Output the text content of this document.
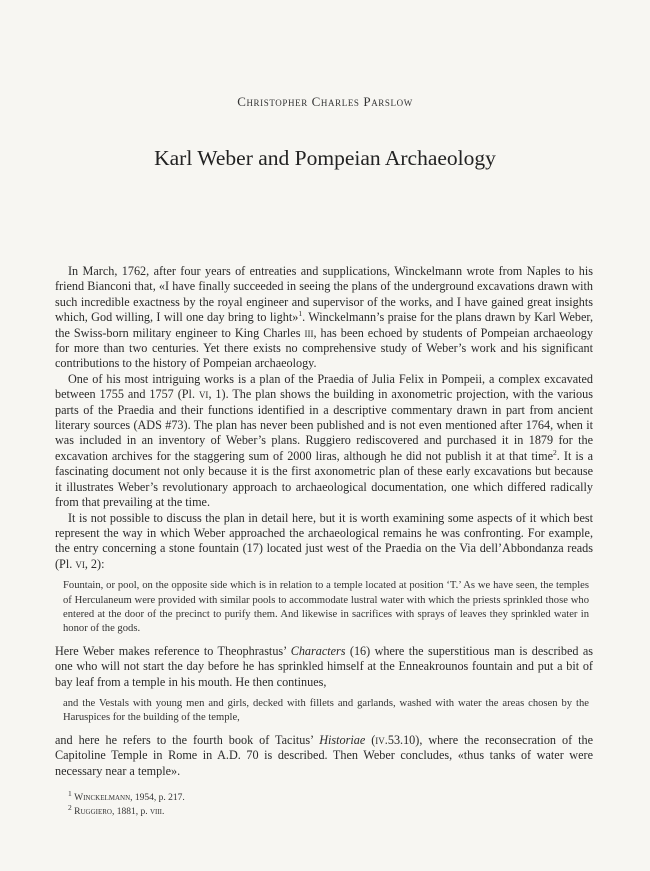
Christopher Charles Parslow
Karl Weber and Pompeian Archaeology

In March, 1762, after four years of entreaties and supplications, Winckelmann wrote from Naples to his friend Bianconi that, «I have finally succeeded in seeing the plans of the underground excavations drawn with such incredible exactness by the royal engineer and supervisor of the works, and I have gained great insights which, God willing, I will one day bring to light»$^1$. Winckelmann’s praise for the plans drawn by Karl Weber, the Swiss-born military engineer to King Charles iii, has been echoed by students of Pompeian archaeology for more than two centuries. Yet there exists no comprehensive study of Weber’s work and his significant contributions to the history of Pompeian archaeology.

One of his most intriguing works is a plan of the Praedia of Julia Felix in Pompeii, a complex excavated between 1755 and 1757 (Pl. vi, 1). The plan shows the building in axonometric projection, with the various parts of the Praedia and their functions identified in a descriptive commentary drawn in part from ancient literary sources (ADS #73). The plan has never been published and is not even mentioned after 1764, when it was included in an inventory of Weber’s plans. Ruggiero rediscovered and purchased it in 1879 for the excavation archives for the staggering sum of 2000 liras, although he did not publish it at that time$^2$. It is a fascinating document not only because it is the first axonometric plan of these early excavations but because it illustrates Weber’s revolutionary approach to archaeological documentation, one which differed radically from that prevailing at the time.

It is not possible to discuss the plan in detail here, but it is worth examining some aspects of it which best represent the way in which Weber approached the archaeological remains he was confronting. For example, the entry concerning a stone fountain (17) located just west of the Praedia on the Via dell’Abbondanza reads (Pl. vi, 2):

Fountain, or pool, on the opposite side which is in relation to a temple located at position ‘T.’ As we have seen, the temples of Herculaneum were provided with similar pools to accommodate lustral water with which the priests sprinkled those who entered at the door of the precinct to purify them. And likewise in sacrifices with sprays of leaves they sprinkled water in honor of the gods.

Here Weber makes reference to Theophrastus’ Characters (16) where the superstitious man is described as one who will not start the day before he has sprinkled himself at the Enneakrounos fountain and put a bit of bay leaf from a temple in his mouth. He then continues,

and the Vestals with young men and girls, decked with fillets and garlands, washed with water the areas chosen by the Haruspices for the building of the temple,

and here he refers to the fourth book of Tacitus’ Historiae (iv.53.10), where the reconsecration of the Capitoline Temple in Rome in A.D. 70 is described. Then Weber concludes, «thus tanks of water were necessary near a temple».

$^1$ Winckelmann, 1954, p. 217.
$^2$ Ruggiero, 1881, p. viii.
